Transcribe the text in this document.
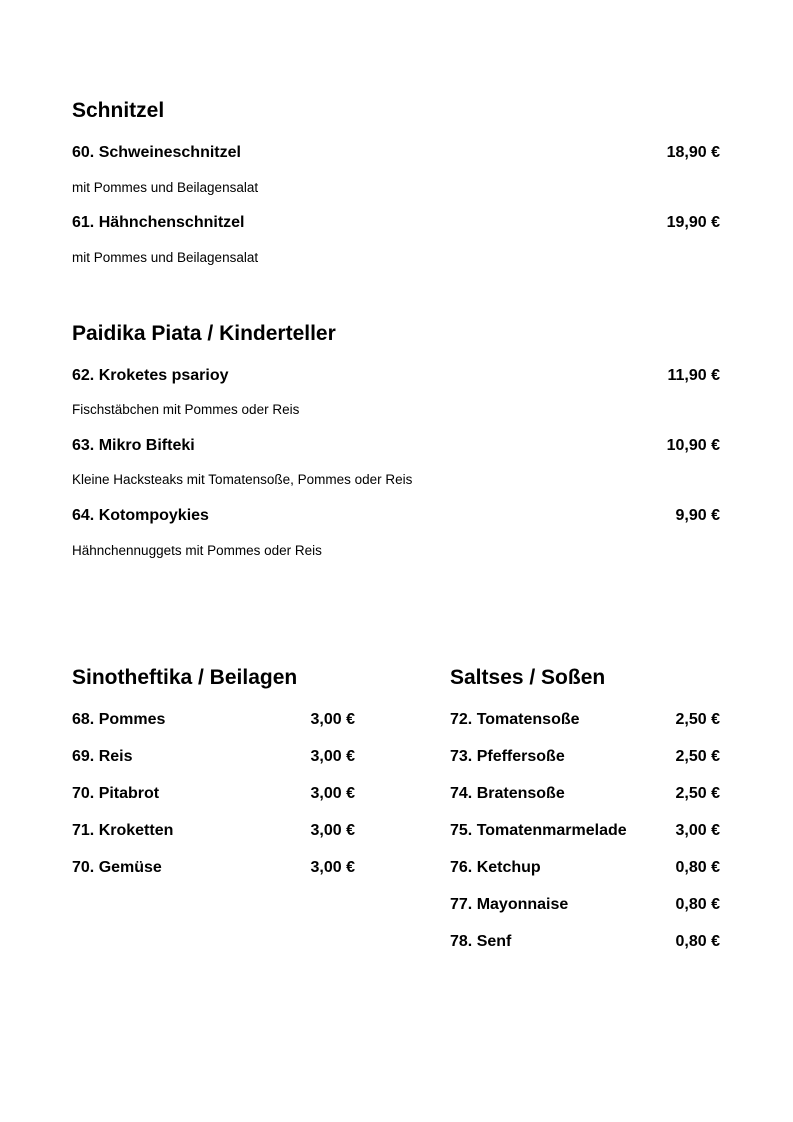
Schnitzel
60. Schweineschnitzel	18,90 €
mit Pommes und Beilagensalat
61. Hähnchenschnitzel	19,90 €
mit Pommes und Beilagensalat
Paidika Piata / Kinderteller
62. Kroketes psarioy	11,90 €
Fischstäbchen mit Pommes oder Reis
63. Mikro Bifteki	10,90 €
Kleine Hacksteaks mit Tomatensoße, Pommes oder Reis
64. Kotompoykies	9,90 €
Hähnchennuggets mit Pommes oder Reis
Sinotheftika / Beilagen
68. Pommes	3,00 €
69. Reis	3,00 €
70. Pitabrot	3,00 €
71. Kroketten	3,00 €
70. Gemüse	3,00 €
Saltses / Soßen
72. Tomatensoße	2,50 €
73. Pfeffersoße	2,50 €
74. Bratensoße	2,50 €
75. Tomatenmarmelade	3,00 €
76. Ketchup	0,80 €
77. Mayonnaise	0,80 €
78. Senf	0,80 €
